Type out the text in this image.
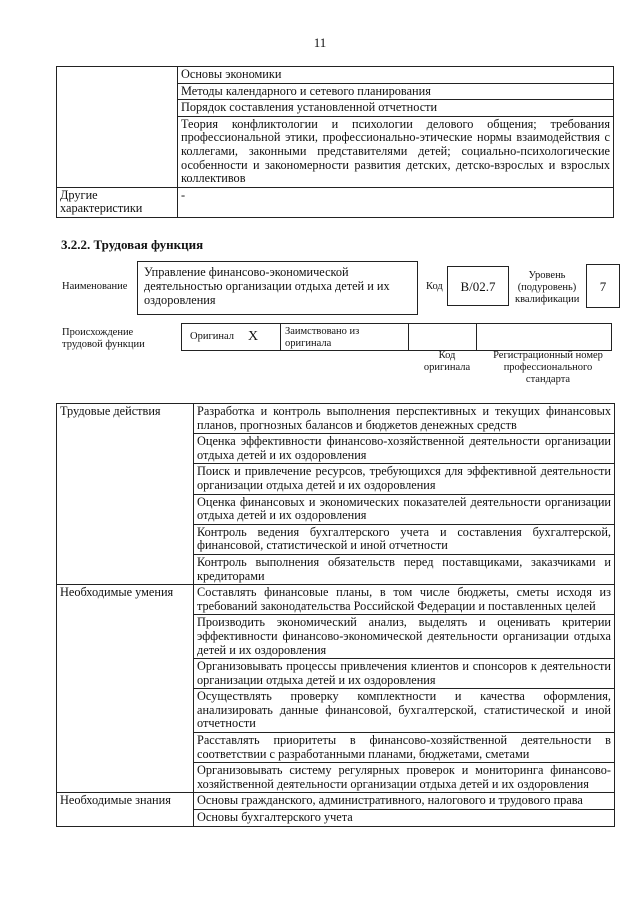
11
	Основы экономики
	Методы календарного и сетевого планирования
	Порядок составления установленной отчетности
	Теория конфликтологии и психологии делового общения; требования профессиональной этики, профессионально-этические нормы взаимодействия с коллегами, законными представителями детей; социально-психологические особенности и закономерности развития детских, детско-взрослых и взрослых коллективов
Другие характеристики	-
3.2.2. Трудовая функция
Наименование
Управление финансово-экономической деятельностью организации отдыха детей и их оздоровления
Код	B/02.7
Уровень (подуровень) квалификации
7
Происхождение трудовой функции
Оригинал X	Заимствовано из оригинала
Код оригинала
Регистрационный номер профессионального стандарта
Трудовые действия	Разработка и контроль выполнения перспективных и текущих финансовых планов, прогнозных балансов и бюджетов денежных средств
	Оценка эффективности финансово-хозяйственной деятельности организации отдыха детей и их оздоровления
	Поиск и привлечение ресурсов, требующихся для эффективной деятельности организации отдыха детей и их оздоровления
	Оценка финансовых и экономических показателей деятельности организации отдыха детей и их оздоровления
	Контроль ведения бухгалтерского учета и составления бухгалтерской, финансовой, статистической и иной отчетности
	Контроль выполнения обязательств перед поставщиками, заказчиками и кредиторами
Необходимые умения	Составлять финансовые планы, в том числе бюджеты, сметы исходя из требований законодательства Российской Федерации и поставленных целей
	Производить экономический анализ, выделять и оценивать критерии эффективности финансово-экономической деятельности организации отдыха детей и их оздоровления
	Организовывать процессы привлечения клиентов и спонсоров к деятельности организации отдыха детей и их оздоровления
	Осуществлять проверку комплектности и качества оформления, анализировать данные финансовой, бухгалтерской, статистической и иной отчетности
	Расставлять приоритеты в финансово-хозяйственной деятельности в соответствии с разработанными планами, бюджетами, сметами
	Организовывать систему регулярных проверок и мониторинга финансово-хозяйственной деятельности организации отдыха детей и их оздоровления
Необходимые знания	Основы гражданского, административного, налогового и трудового права
	Основы бухгалтерского учета
